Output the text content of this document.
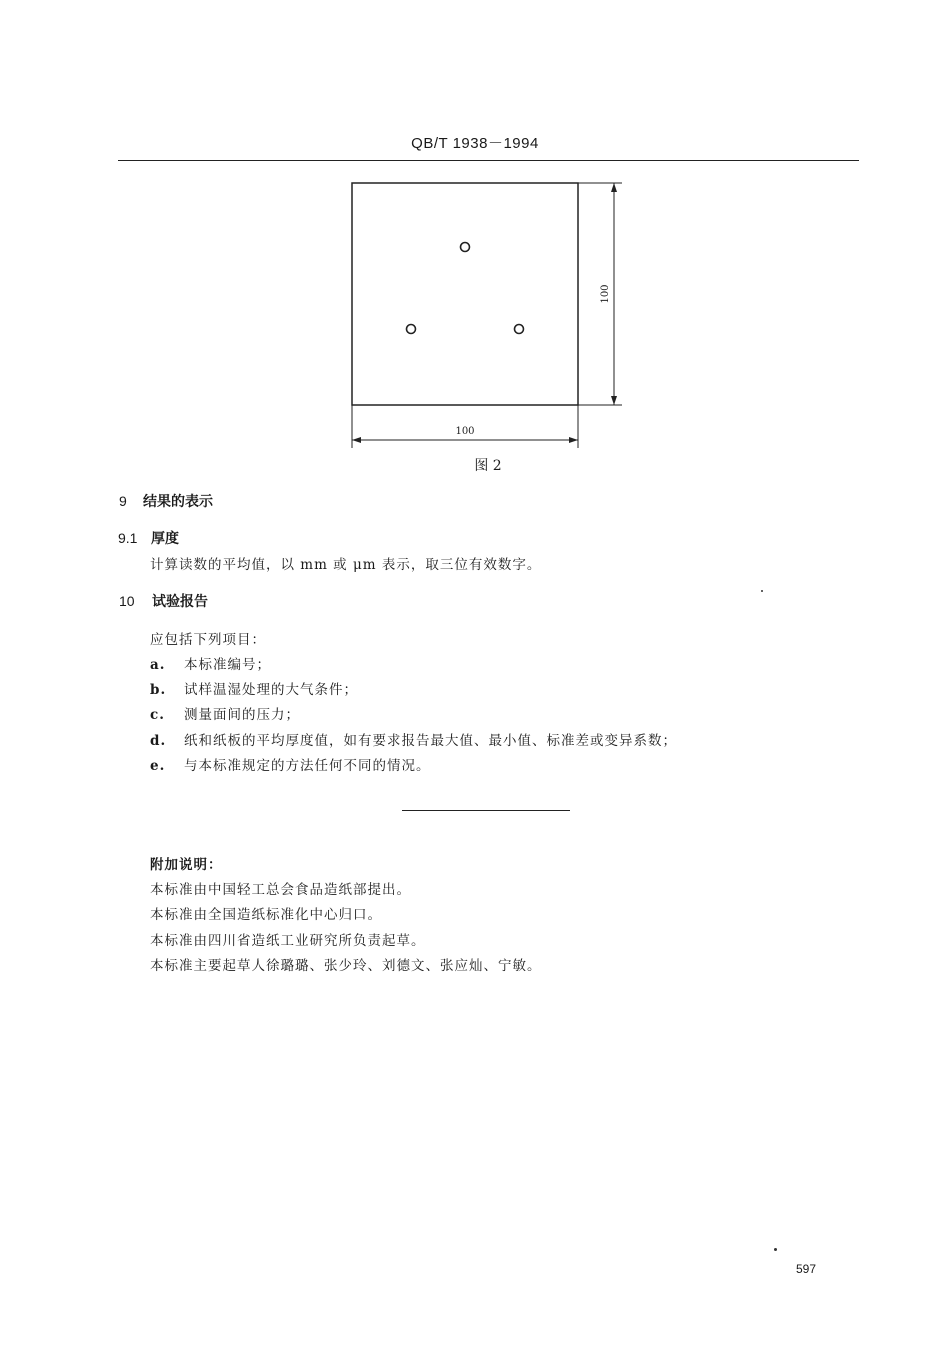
QB/T 1938－1994
100
100
图 2
9 结果的表示
9.1 厚度
计算读数的平均值，以 mm 或 μm 表示，取三位有效数字。
10 试验报告
应包括下列项目：
a. 本标准编号；
b. 试样温湿处理的大气条件；
c. 测量面间的压力；
d. 纸和纸板的平均厚度值，如有要求报告最大值、最小值、标准差或变异系数；
e. 与本标准规定的方法任何不同的情况。
附加说明：
本标准由中国轻工总会食品造纸部提出。
本标准由全国造纸标准化中心归口。
本标准由四川省造纸工业研究所负责起草。
本标准主要起草人徐璐璐、张少玲、刘德文、张应灿、宁敏。
597
